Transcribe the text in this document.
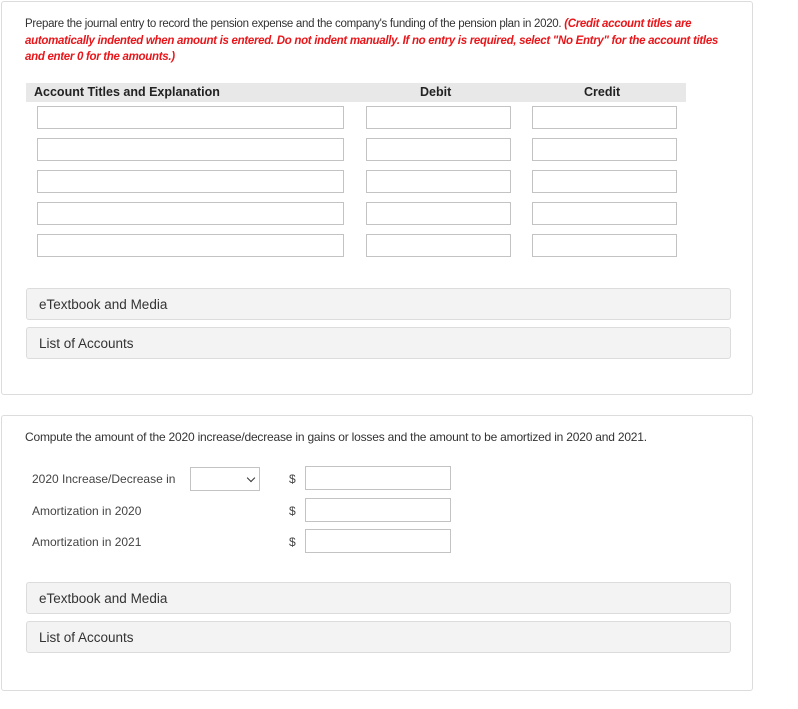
Prepare the journal entry to record the pension expense and the company's funding of the pension plan in 2020. (Credit account titles are automatically indented when amount is entered. Do not indent manually. If no entry is required, select "No Entry" for the account titles and enter 0 for the amounts.)
Account Titles and Explanation	Debit	Credit
eTextbook and Media
List of Accounts
Compute the amount of the 2020 increase/decrease in gains or losses and the amount to be amortized in 2020 and 2021.
2020 Increase/Decrease in	$
Amortization in 2020	$
Amortization in 2021	$
eTextbook and Media
List of Accounts
